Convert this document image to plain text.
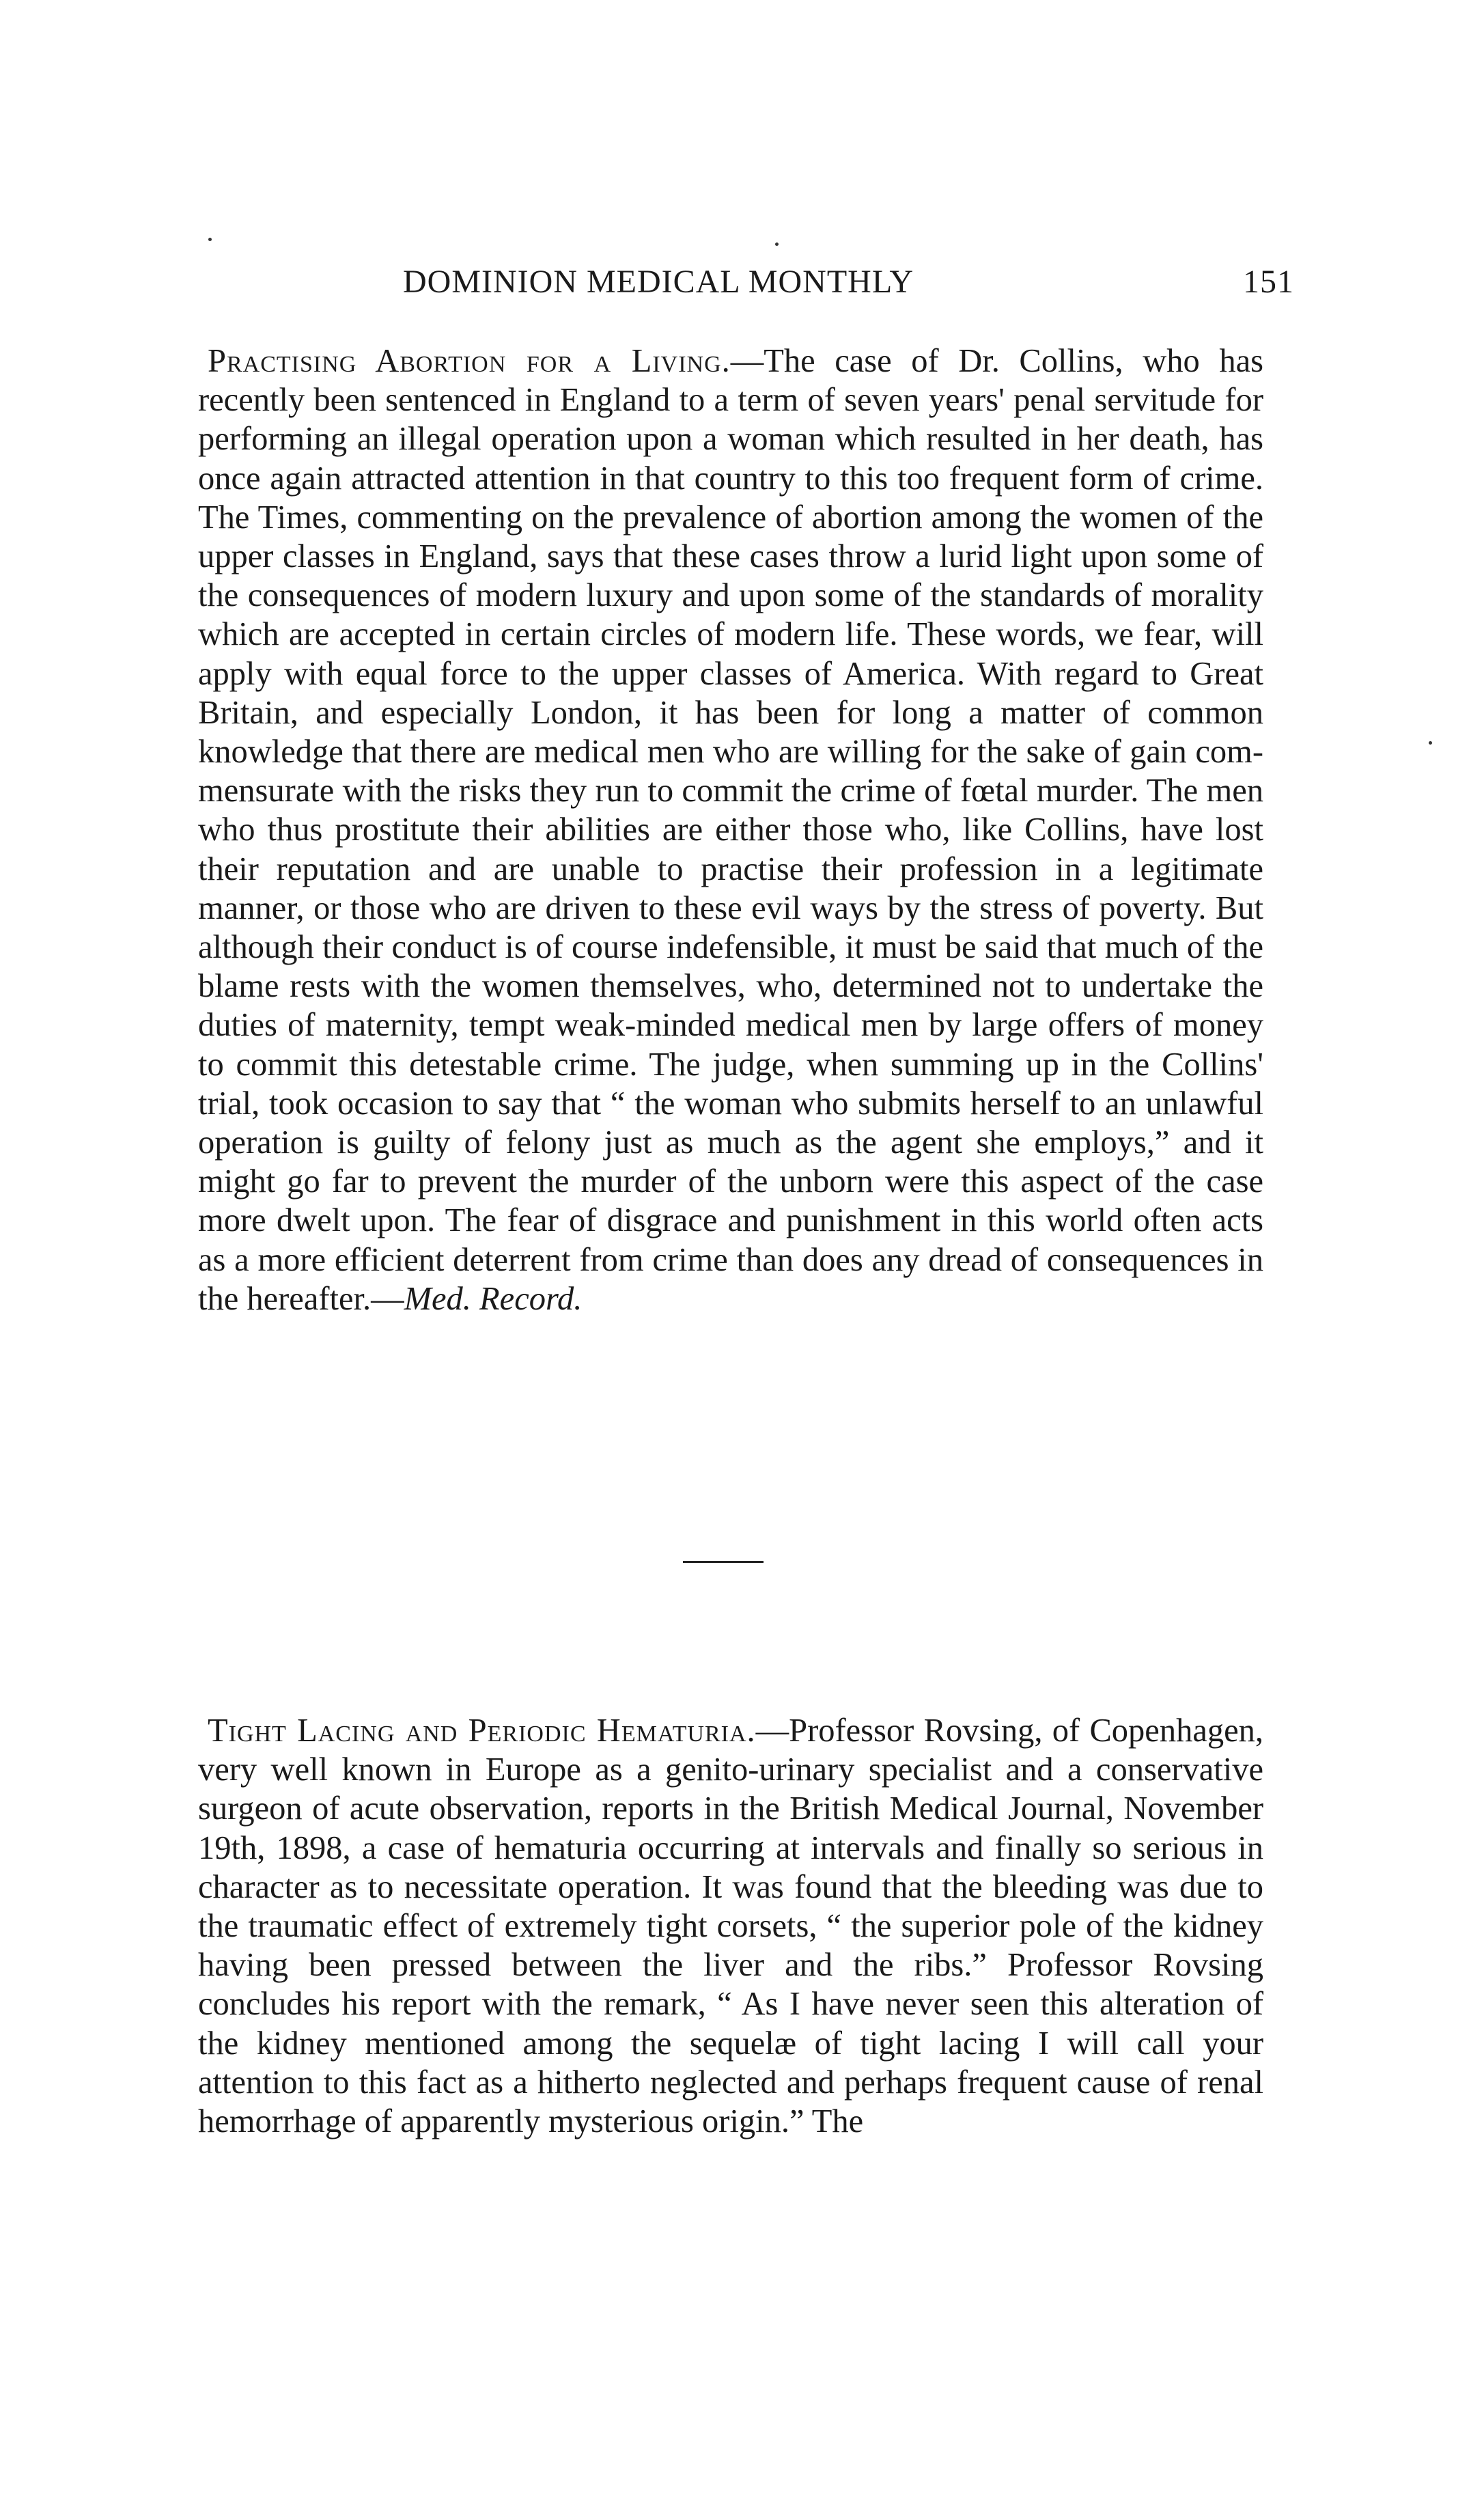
DOMINION MEDICAL MONTHLY	151

Practising Abortion for a Living.—The case of Dr. Collins, who has recently been sentenced in England to a term of seven years' penal servitude for performing an illegal operation upon a woman which resulted in her death, has once again attracted attention in that country to this too frequent form of crime. The Times, commenting on the prevalence of abortion among the women of the upper classes in England, says that these cases throw a lurid light upon some of the consequences of modern luxury and upon some of the standards of morality which are accepted in certain circles of modern life. These words, we fear, will apply with equal force to the upper classes of America. With regard to Great Britain, and especially London, it has been for long a matter of common knowledge that there are medical men who are willing for the sake of gain commensurate with the risks they run to commit the crime of fœtal murder. The men who thus prostitute their abilities are either those who, like Collins, have lost their reputation and are unable to practise their profession in a legitimate manner, or those who are driven to these evil ways by the stress of poverty. But although their conduct is of course indefensible, it must be said that much of the blame rests with the women themselves, who, determined not to undertake the duties of maternity, tempt weak-minded medical men by large offers of money to commit this detestable crime. The judge, when summing up in the Collins' trial, took occasion to say that “ the woman who submits herself to an unlawful operation is guilty of felony just as much as the agent she employs,” and it might go far to prevent the murder of the unborn were this aspect of the case more dwelt upon. The fear of disgrace and punishment in this world often acts as a more efficient deterrent from crime than does any dread of consequences in the hereafter.—Med. Record.

Tight Lacing and Periodic Hematuria.—Professor Rovsing, of Copenhagen, very well known in Europe as a genito-urinary specialist and a conservative surgeon of acute observation, reports in the British Medical Journal, November 19th, 1898, a case of hematuria occurring at intervals and finally so serious in character as to necessitate operation. It was found that the bleeding was due to the traumatic effect of extremely tight corsets, “ the superior pole of the kidney having been pressed between the liver and the ribs.” Professor Rovsing concludes his report with the remark, “ As I have never seen this alteration of the kidney mentioned among the sequelæ of tight lacing I will call your attention to this fact as a hitherto neglected and perhaps frequent cause of renal hemorrhage of apparently mysterious origin.” The
